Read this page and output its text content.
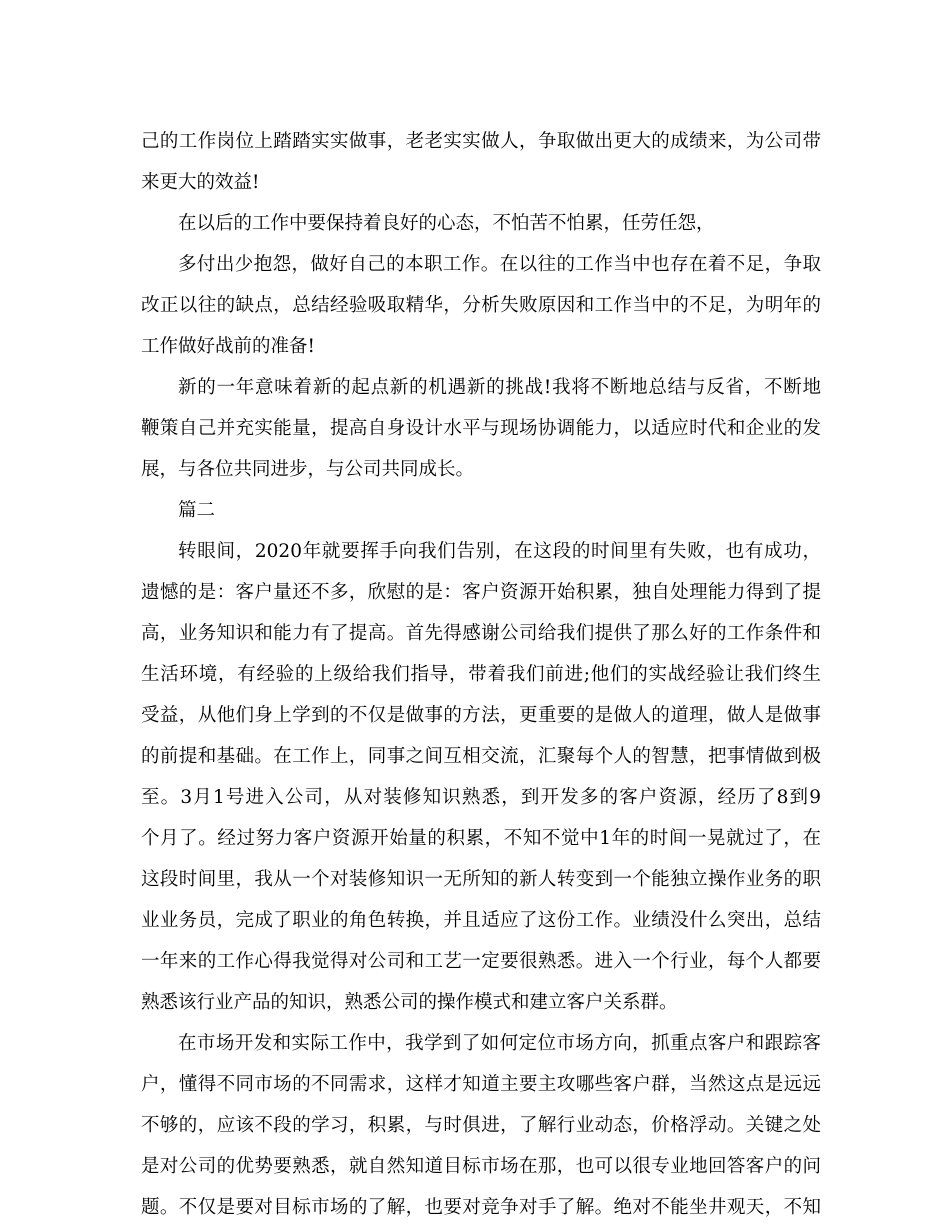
己的工作岗位上踏踏实实做事，老老实实做人，争取做出更大的成绩来，为公司带
来更大的效益!
在以后的工作中要保持着良好的心态，不怕苦不怕累，任劳任怨，
多付出少抱怨，做好自己的本职工作。在以往的工作当中也存在着不足，争取
改正以往的缺点，总结经验吸取精华，分析失败原因和工作当中的不足，为明年的
工作做好战前的准备!
新的一年意味着新的起点新的机遇新的挑战!我将不断地总结与反省，不断地
鞭策自己并充实能量，提高自身设计水平与现场协调能力，以适应时代和企业的发
展，与各位共同进步，与公司共同成长。
篇二
转眼间，2020年就要挥手向我们告别，在这段的时间里有失败，也有成功，
遗憾的是：客户量还不多，欣慰的是：客户资源开始积累，独自处理能力得到了提
高，业务知识和能力有了提高。首先得感谢公司给我们提供了那么好的工作条件和
生活环境，有经验的上级给我们指导，带着我们前进;他们的实战经验让我们终生
受益，从他们身上学到的不仅是做事的方法，更重要的是做人的道理，做人是做事
的前提和基础。在工作上，同事之间互相交流，汇聚每个人的智慧，把事情做到极
至。3月1号进入公司，从对装修知识熟悉，到开发多的客户资源，经历了8到9
个月了。经过努力客户资源开始量的积累，不知不觉中1年的时间一晃就过了，在
这段时间里，我从一个对装修知识一无所知的新人转变到一个能独立操作业务的职
业业务员，完成了职业的角色转换，并且适应了这份工作。业绩没什么突出，总结
一年来的工作心得我觉得对公司和工艺一定要很熟悉。进入一个行业，每个人都要
熟悉该行业产品的知识，熟悉公司的操作模式和建立客户关系群。
在市场开发和实际工作中，我学到了如何定位市场方向，抓重点客户和跟踪客
户，懂得不同市场的不同需求，这样才知道主要主攻哪些客户群，当然这点是远远
不够的，应该不段的学习，积累，与时俱进，了解行业动态，价格浮动。关键之处
是对公司的优势要熟悉，就自然知道目标市场在那，也可以很专业地回答客户的问
题。不仅是要对目标市场的了解，也要对竞争对手了解。绝对不能坐井观天，不知
